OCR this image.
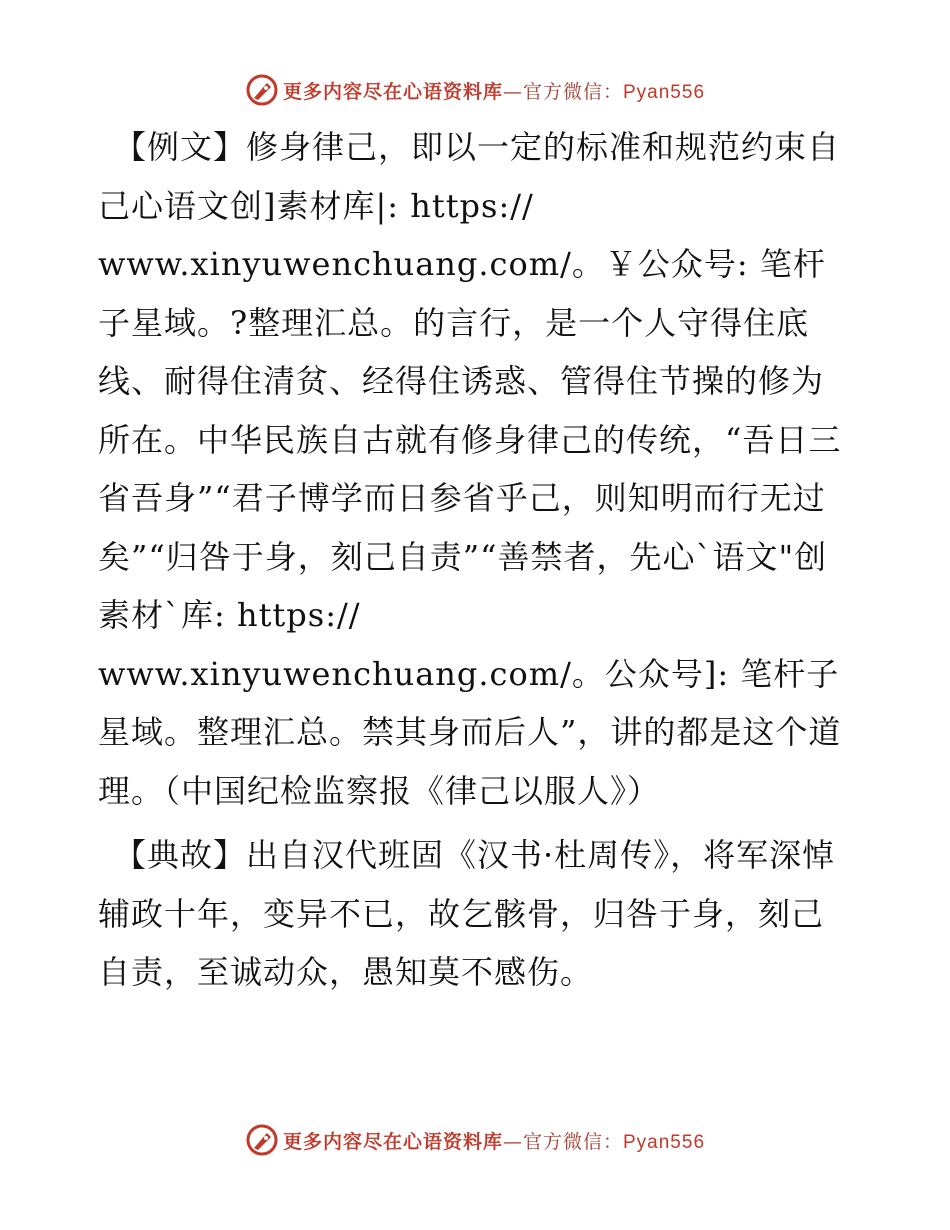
更多内容尽在心语资料库—官方微信：Pyan556

【例文】修身律己，即以一定的标准和规范约束自己心语文创]素材库|: https://
www.xinyuwenchuang.com/。￥公众号: 笔杆子星域。?整理汇总。的言行，是一个人守得住底线、耐得住清贫、经得住诱惑、管得住节操的修为所在。中华民族自古就有修身律己的传统，“吾日三省吾身”“君子博学而日参省乎己，则知明而行无过矣”“归咎于身，刻己自责”“善禁者，先心`语文"创素材`库: https://
www.xinyuwenchuang.com/。公众号]: 笔杆子星域。整理汇总。禁其身而后人”，讲的都是这个道理。（中国纪检监察报《律己以服人》）

【典故】出自汉代班固《汉书·杜周传》，将军深悼辅政十年，变异不已，故乞骸骨，归咎于身，刻己自责，至诚动众，愚知莫不感伤。

更多内容尽在心语资料库—官方微信：Pyan556
